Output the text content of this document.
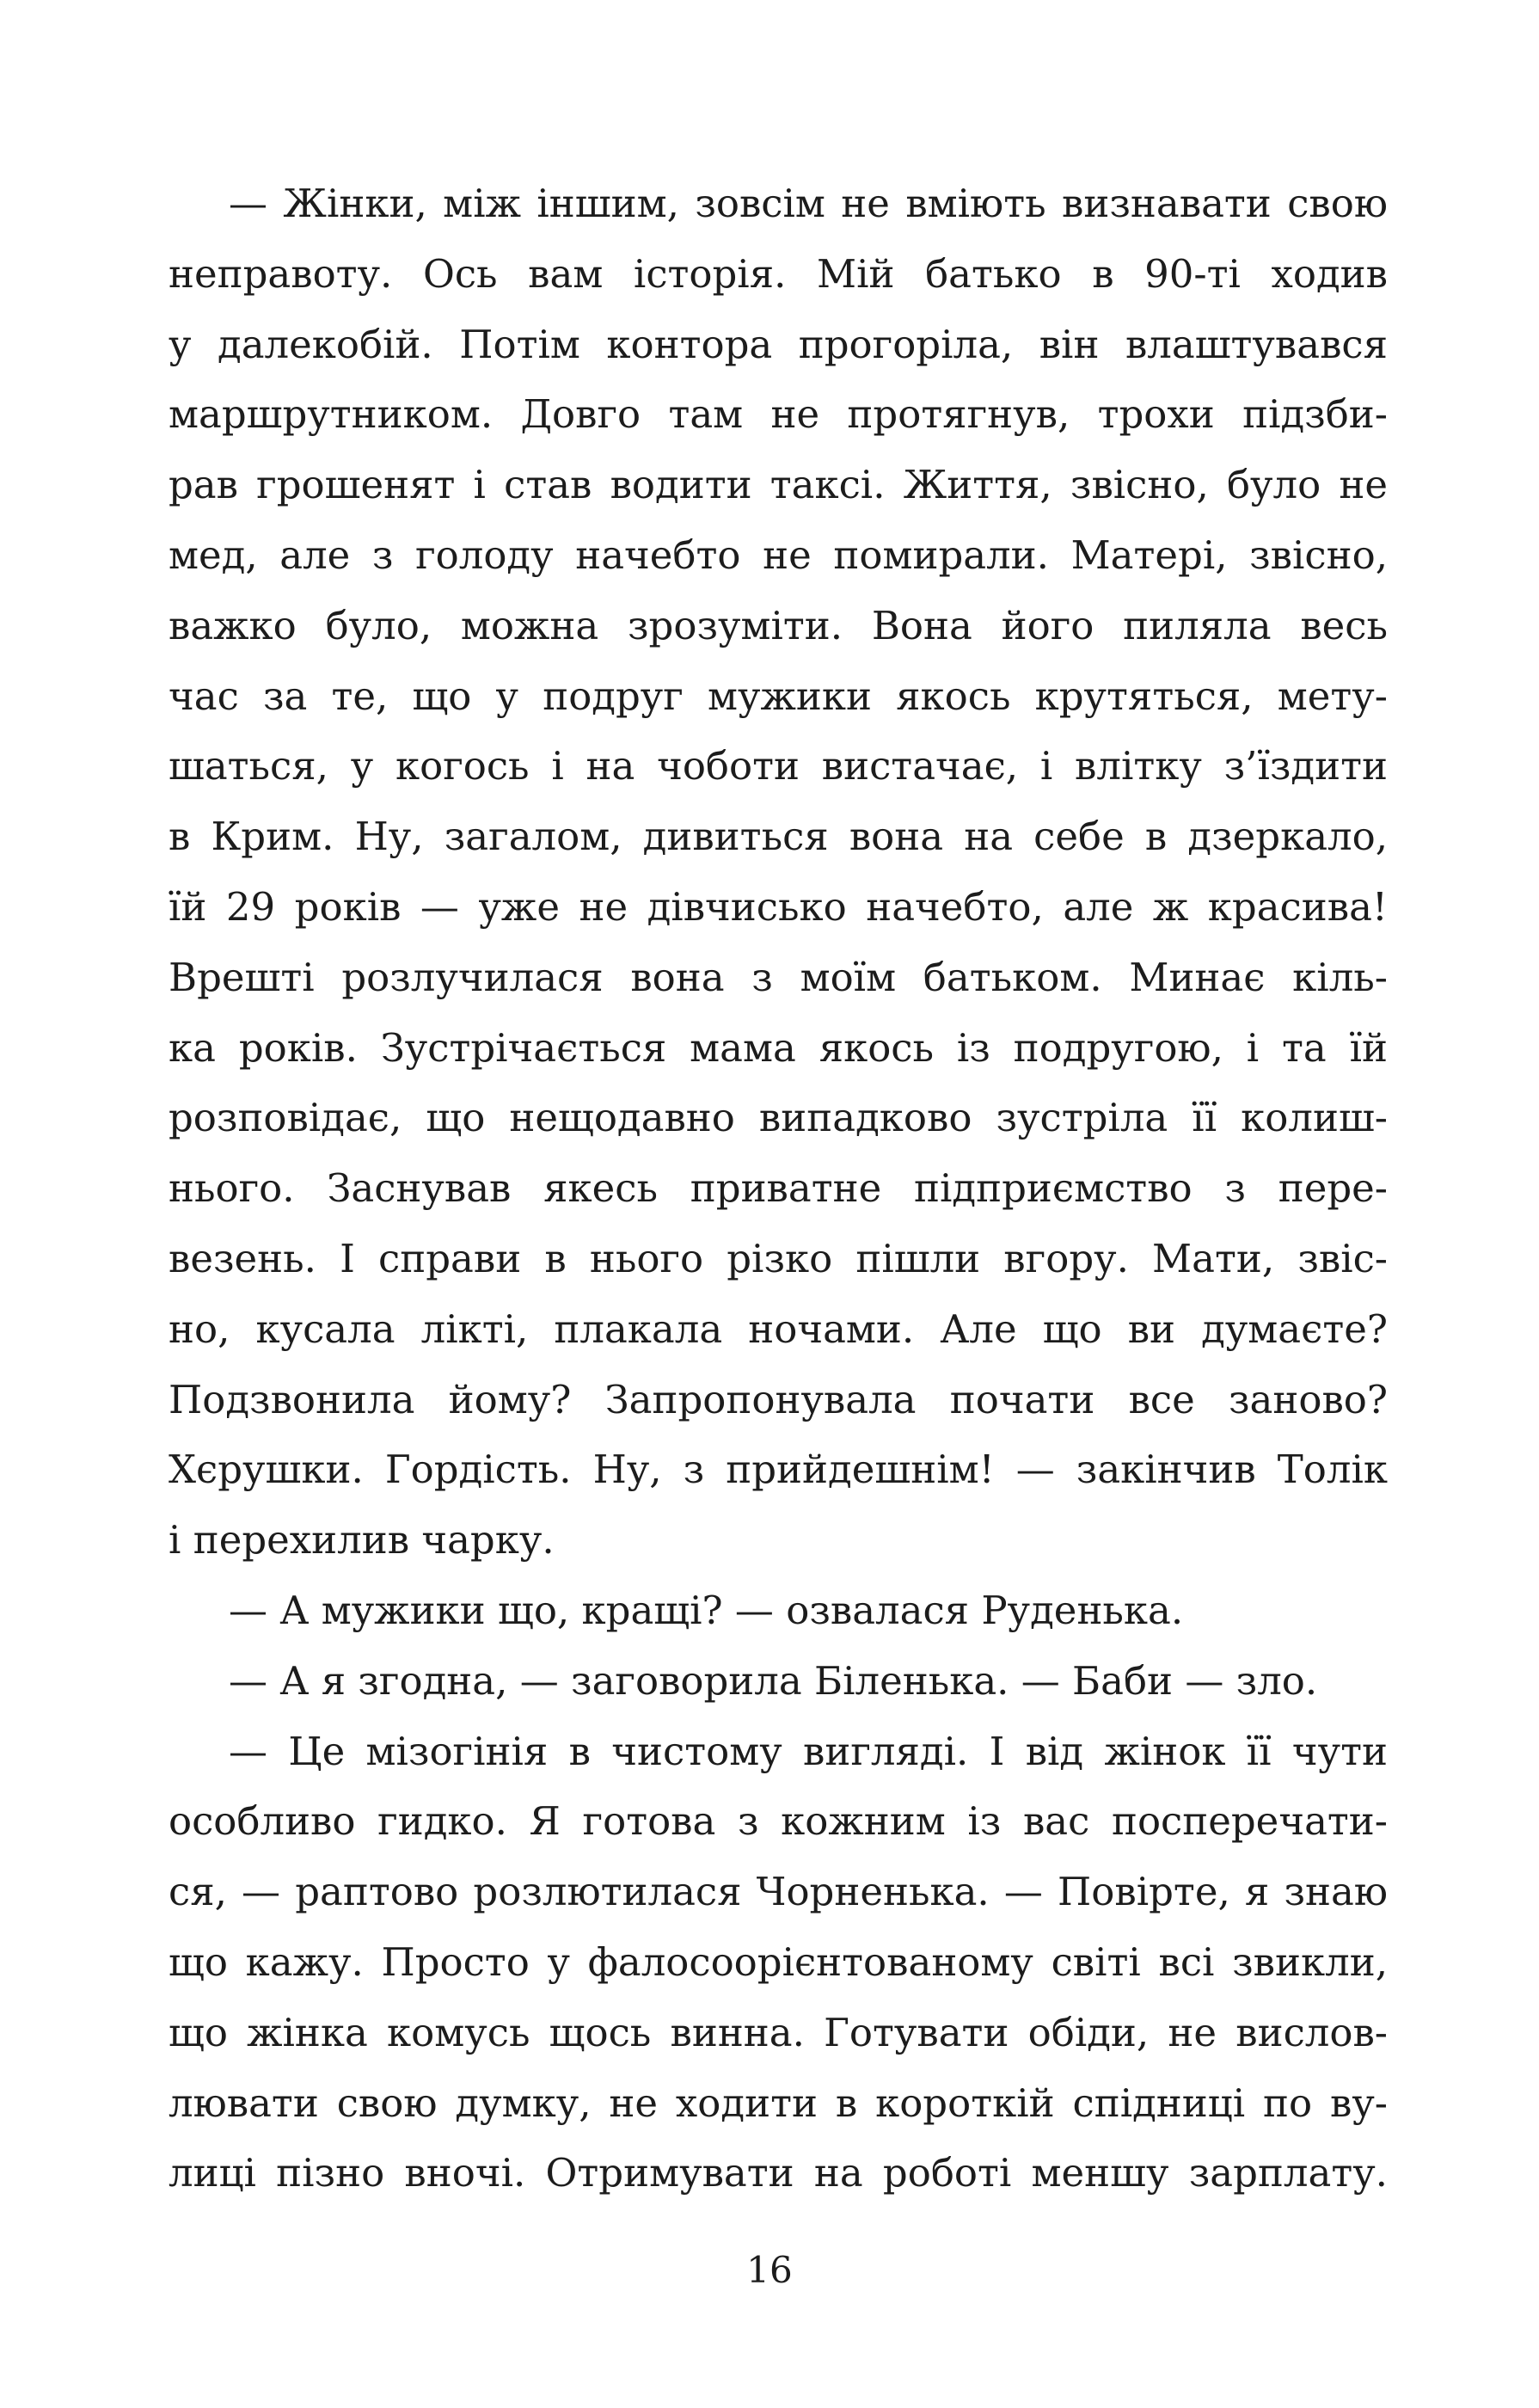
— Жінки, між іншим, зовсім не вміють визнавати свою
неправоту. Ось вам історія. Мій батько в 90-ті ходив
у далекобій. Потім контора прогоріла, він влаштувався
маршрутником. Довго там не протягнув, трохи підзби-
рав грошенят і став водити таксі. Життя, звісно, було не
мед, але з голоду начебто не помирали. Матері, звісно,
важко було, можна зрозуміти. Вона його пиляла весь
час за те, що у подруг мужики якось крутяться, мету-
шаться, у когось і на чоботи вистачає, і влітку з’їздити
в Крим. Ну, загалом, дивиться вона на себе в дзеркало,
їй 29 років — уже не дівчисько начебто, але ж красива!
Врешті розлучилася вона з моїм батьком. Минає кіль-
ка років. Зустрічається мама якось із подругою, і та їй
розповідає, що нещодавно випадково зустріла її колиш-
нього. Заснував якесь приватне підприємство з пере-
везень. І справи в нього різко пішли вгору. Мати, звіс-
но, кусала лікті, плакала ночами. Але що ви думаєте?
Подзвонила йому? Запропонувала почати все заново?
Хєрушки. Гордість. Ну, з прийдешнім! — закінчив Толік
і перехилив чарку.
— А мужики що, кращі? — озвалася Руденька.
— А я згодна, — заговорила Біленька. — Баби — зло.
— Це мізогінія в чистому вигляді. І від жінок її чути
особливо гидко. Я готова з кожним із вас посперечати-
ся, — раптово розлютилася Чорненька. — Повірте, я знаю
що кажу. Просто у фалосоорієнтованому світі всі звикли,
що жінка комусь щось винна. Готувати обіди, не вислов-
лювати свою думку, не ходити в короткій спідниці по ву-
лиці пізно вночі. Отримувати на роботі меншу зарплату.
16
